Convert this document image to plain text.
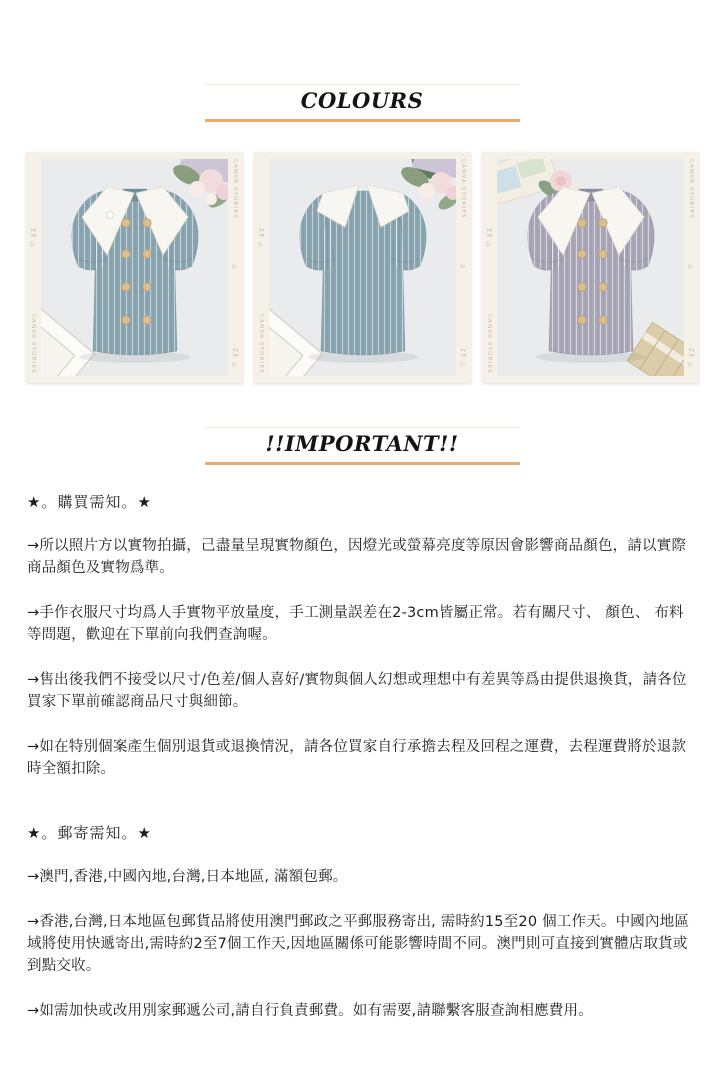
COLOURS
23 ▷
CANVA STORIES
CANVA STORIES
▷
23 ▷
23 ▷
CANVA STORIES
CANVA STORIES
▷
23 ▷
23 ▷
CANVA STORIES
CANVA STORIES
▷
23 ▷
!!IMPORTANT!!

★。購買需知。★

→所以照片方以實物拍攝，己盡量呈現實物顏色，因燈光或螢幕亮度等原因會影響商品顏色，請以實際商品顏色及實物爲準。

→手作衣服尺寸均爲人手實物平放量度，手工測量誤差在2-3cm皆屬正常。若有關尺寸、 顏色、 布料等問題，歡迎在下單前向我們查詢喔。

→售出後我們不接受以尺寸/色差/個人喜好/實物與個人幻想或理想中有差異等爲由提供退換貨，請各位買家下單前確認商品尺寸與細節。

→如在特別個案產生個別退貨或退換情況，請各位買家自行承擔去程及回程之運費，去程運費將於退款時全額扣除。

★。郵寄需知。★

→澳門,香港,中國內地,台灣,日本地區, 滿額包郵。

→香港,台灣,日本地區包郵貨品將使用澳門郵政之平郵服務寄出, 需時約15至20 個工作天。中國內地區域將使用快遞寄出,需時約2至7個工作天,因地區關係可能影響時間不同。澳門則可直接到實體店取貨或到點交收。

→如需加快或改用別家郵遞公司,請自行負責郵費。如有需要,請聯繫客服查詢相應費用。
